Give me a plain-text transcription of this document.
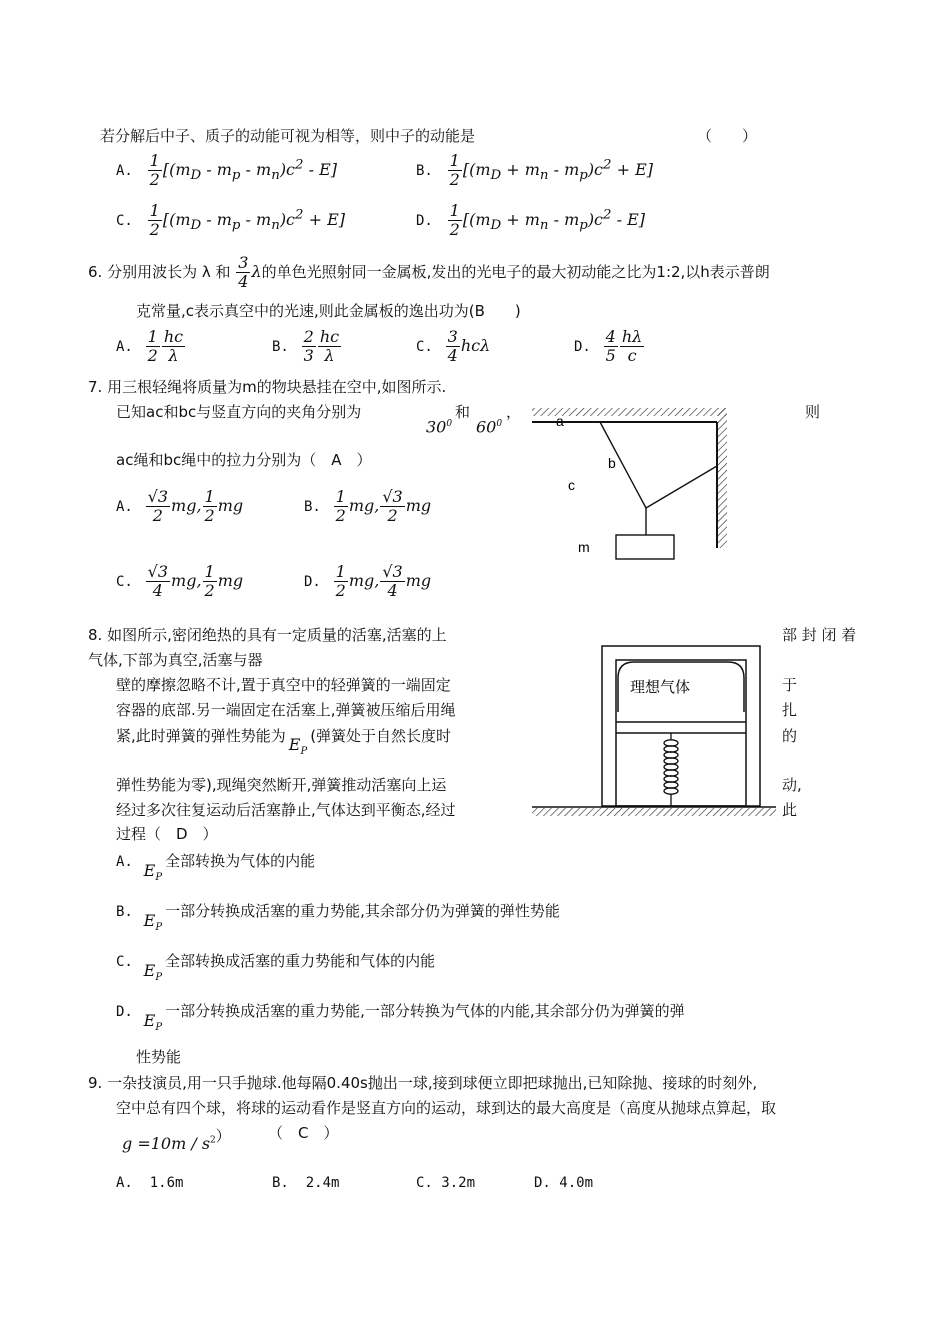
若分解后中子、质子的动能可视为相等，则中子的动能是	（　　）
A. $\frac{1}{2} [(m_D - m_p - m_n)c^2 - E]$	B. $\frac{1}{2} [(m_D + m_n - m_p)c^2 + E]$
C. $\frac{1}{2} [(m_D - m_p - m_n)c^2 + E]$	D. $\frac{1}{2} [(m_D + m_n - m_p)c^2 - E]$
6. 分别用波长为 λ 和 $\frac{3}{4}$ λ的单色光照射同一金属板,发出的光电子的最大初动能之比为1:2,以h表示普朗
克常量,c表示真空中的光速,则此金属板的逸出功为(B　　)
A. $\frac{1}{2} \frac{hc}{\lambda}$	B. $\frac{2}{3} \frac{hc}{\lambda}$	C. $\frac{3}{4}$ hcλ	D. $\frac{4}{5} \frac{h\lambda}{c}$
7. 用三根轻绳将质量为m的物块悬挂在空中,如图所示.
已知ac和bc与竖直方向的夹角分别为
$30^0$
和
$60^0$
，	则
ac绳和bc绳中的拉力分别为（　A　）
A. $\frac{√3}{2}$ mg, $\frac{1}{2}$ mg	B. $\frac{1}{2}$ mg, $\frac{√3}{2}$ mg
C. $\frac{√3}{4}$ mg, $\frac{1}{2}$ mg	D. $\frac{1}{2}$ mg, $\frac{√3}{4}$ mg
a
b
c
m
8. 如图所示,密闭绝热的具有一定质量的活塞,活塞的上	部 封 闭 着
气体,下部为真空,活塞与器
壁的摩擦忽略不计,置于真空中的轻弹簧的一端固定	于
容器的底部.另一端固定在活塞上,弹簧被压缩后用绳	扎
紧,此时弹簧的弹性势能为 $E_P$(弹簧处于自然长度时	的
弹性势能为零),现绳突然断开,弹簧推动活塞向上运	动,
经过多次往复运动后活塞静止,气体达到平衡态,经过	此
过程（　D　）
A. $E_P$全部转换为气体的内能
B. $E_P$一部分转换成活塞的重力势能,其余部分仍为弹簧的弹性势能
C. $E_P$全部转换成活塞的重力势能和气体的内能
D. $E_P$一部分转换成活塞的重力势能,一部分转换为气体的内能,其余部分仍为弹簧的弹
性势能
理想气体
9. 一杂技演员,用一只手抛球.他每隔0.40s抛出一球,接到球便立即把球抛出,已知除抛、接球的时刻外,
空中总有四个球，将球的运动看作是竖直方向的运动，球到达的最大高度是（高度从抛球点算起，取
$g =10m / s^2$） （　C　）
A. 1.6m	B. 2.4m	C. 3.2m	D. 4.0m
